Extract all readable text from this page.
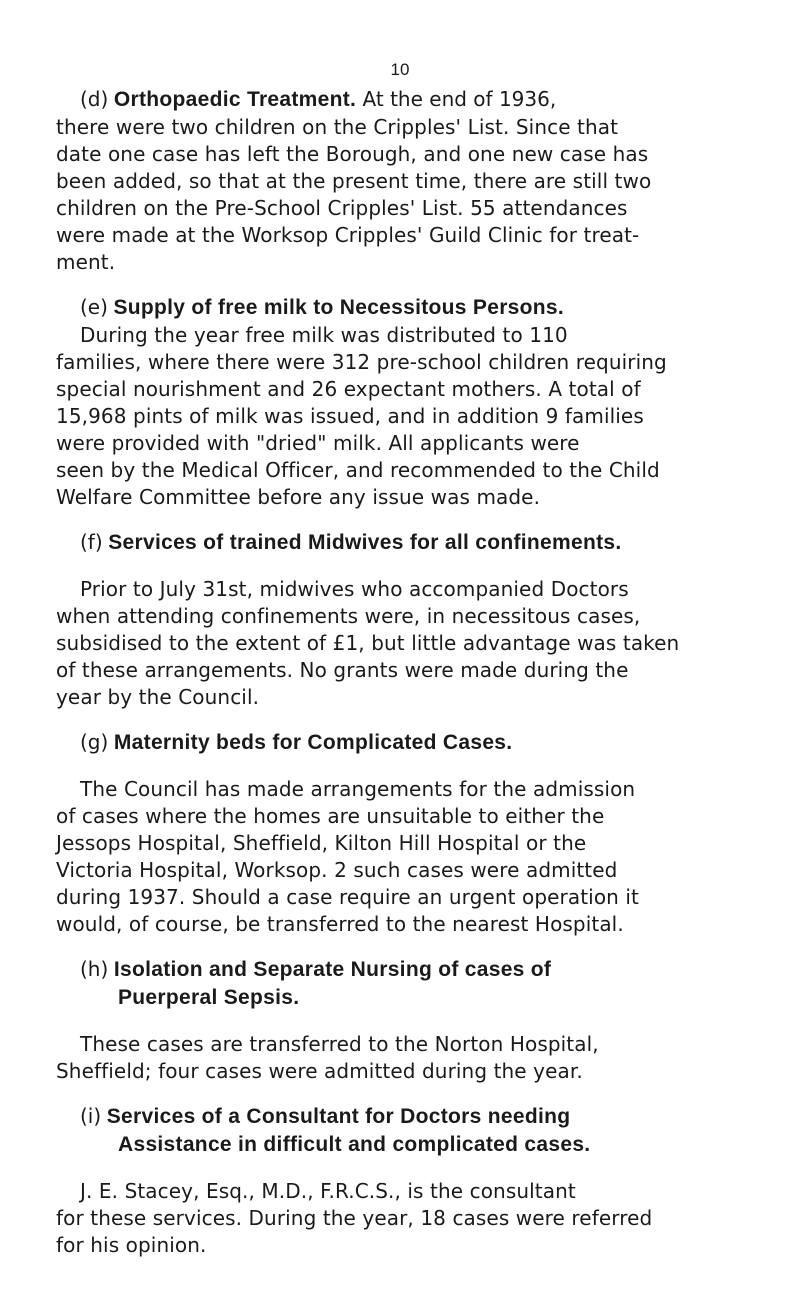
10

(d) Orthopaedic Treatment. At the end of 1936,

there were two children on the Cripples' List. Since that

date one case has left the Borough, and one new case has

been added, so that at the present time, there are still two

children on the Pre-School Cripples' List. 55 attendances

were made at the Worksop Cripples' Guild Clinic for treat-

ment.

(e) Supply of free milk to Necessitous Persons.

During the year free milk was distributed to 110

families, where there were 312 pre-school children requiring

special nourishment and 26 expectant mothers. A total of

15,968 pints of milk was issued, and in addition 9 families

were provided with "dried" milk. All applicants were

seen by the Medical Officer, and recommended to the Child

Welfare Committee before any issue was made.

(f) Services of trained Midwives for all confinements.

Prior to July 31st, midwives who accompanied Doctors

when attending confinements were, in necessitous cases,

subsidised to the extent of £1, but little advantage was taken

of these arrangements. No grants were made during the

year by the Council.

(g) Maternity beds for Complicated Cases.

The Council has made arrangements for the admission

of cases where the homes are unsuitable to either the

Jessops Hospital, Sheffield, Kilton Hill Hospital or the

Victoria Hospital, Worksop. 2 such cases were admitted

during 1937. Should a case require an urgent operation it

would, of course, be transferred to the nearest Hospital.

(h) Isolation and Separate Nursing of cases of

Puerperal Sepsis.

These cases are transferred to the Norton Hospital,

Sheffield; four cases were admitted during the year.

(i) Services of a Consultant for Doctors needing

Assistance in difficult and complicated cases.

J. E. Stacey, Esq., M.D., F.R.C.S., is the consultant

for these services. During the year, 18 cases were referred

for his opinion.
